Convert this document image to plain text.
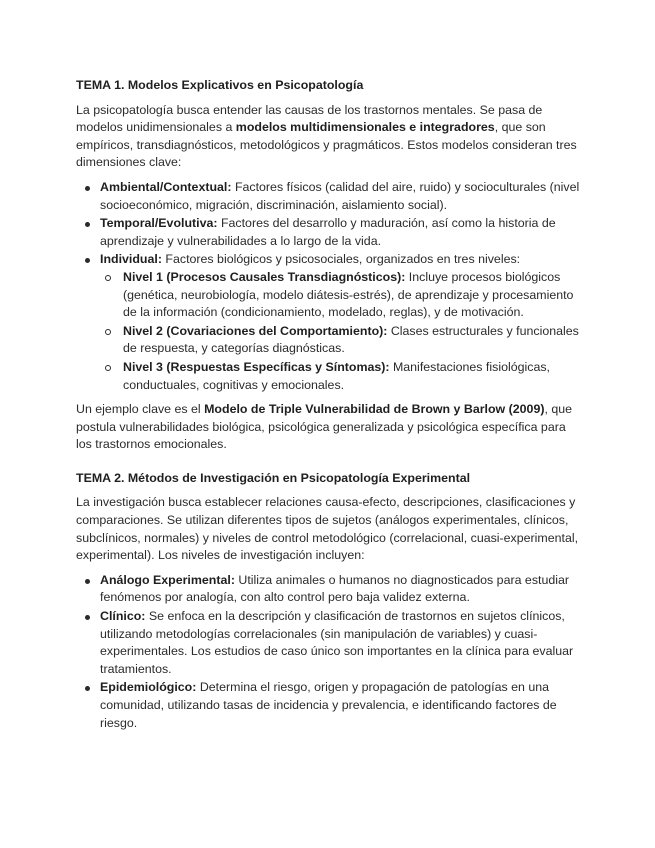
TEMA 1. Modelos Explicativos en Psicopatología

La psicopatología busca entender las causas de los trastornos mentales. Se pasa de modelos unidimensionales a modelos multidimensionales e integradores, que son empíricos, transdiagnósticos, metodológicos y pragmáticos. Estos modelos consideran tres dimensiones clave:

Ambiental/Contextual: Factores físicos (calidad del aire, ruido) y socioculturales (nivel socioeconómico, migración, discriminación, aislamiento social).
Temporal/Evolutiva: Factores del desarrollo y maduración, así como la historia de aprendizaje y vulnerabilidades a lo largo de la vida.
Individual: Factores biológicos y psicosociales, organizados en tres niveles:
Nivel 1 (Procesos Causales Transdiagnósticos): Incluye procesos biológicos (genética, neurobiología, modelo diátesis-estrés), de aprendizaje y procesamiento de la información (condicionamiento, modelado, reglas), y de motivación.
Nivel 2 (Covariaciones del Comportamiento): Clases estructurales y funcionales de respuesta, y categorías diagnósticas.
Nivel 3 (Respuestas Específicas y Síntomas): Manifestaciones fisiológicas, conductuales, cognitivas y emocionales.

Un ejemplo clave es el Modelo de Triple Vulnerabilidad de Brown y Barlow (2009), que postula vulnerabilidades biológica, psicológica generalizada y psicológica específica para los trastornos emocionales.

TEMA 2. Métodos de Investigación en Psicopatología Experimental

La investigación busca establecer relaciones causa-efecto, descripciones, clasificaciones y comparaciones. Se utilizan diferentes tipos de sujetos (análogos experimentales, clínicos, subclínicos, normales) y niveles de control metodológico (correlacional, cuasi-experimental, experimental). Los niveles de investigación incluyen:

Análogo Experimental: Utiliza animales o humanos no diagnosticados para estudiar fenómenos por analogía, con alto control pero baja validez externa.
Clínico: Se enfoca en la descripción y clasificación de trastornos en sujetos clínicos, utilizando metodologías correlacionales (sin manipulación de variables) y cuasi-experimentales. Los estudios de caso único son importantes en la clínica para evaluar tratamientos.
Epidemiológico: Determina el riesgo, origen y propagación de patologías en una comunidad, utilizando tasas de incidencia y prevalencia, e identificando factores de riesgo.
